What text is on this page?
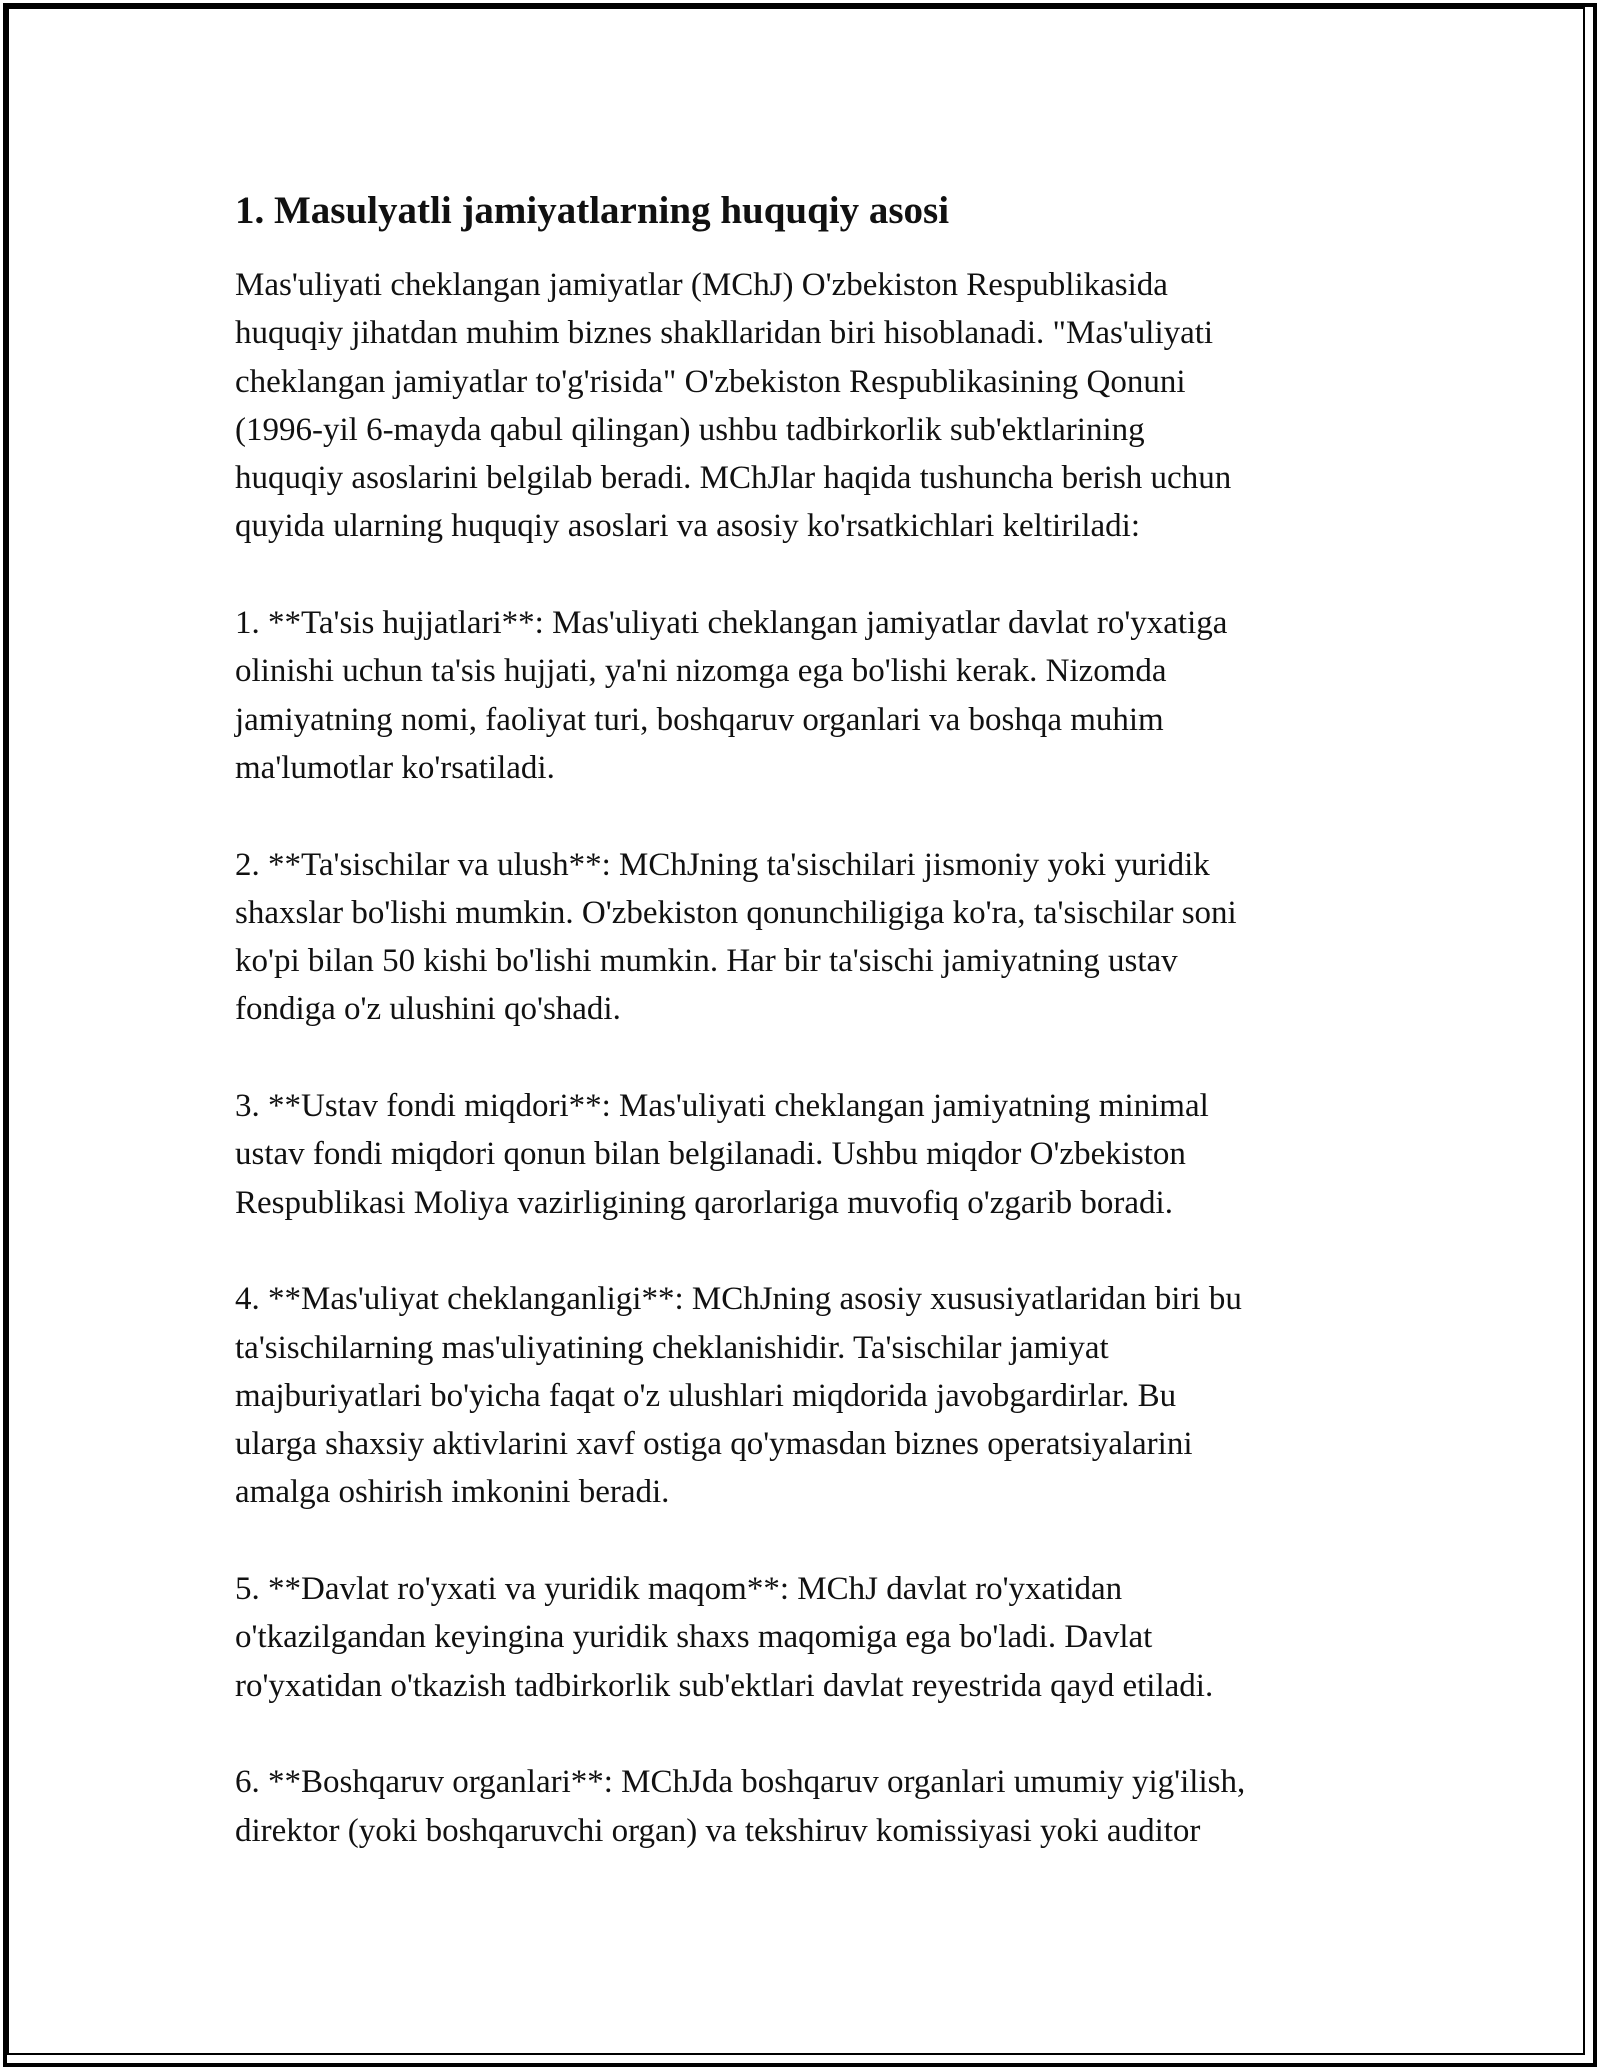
1. Masulyatli jamiyatlarning huquqiy asosi

Mas'uliyati cheklangan jamiyatlar (MChJ) O'zbekiston Respublikasida
huquqiy jihatdan muhim biznes shakllaridan biri hisoblanadi. "Mas'uliyati
cheklangan jamiyatlar to'g'risida" O'zbekiston Respublikasining Qonuni
(1996-yil 6-mayda qabul qilingan) ushbu tadbirkorlik sub'ektlarining
huquqiy asoslarini belgilab beradi. MChJlar haqida tushuncha berish uchun
quyida ularning huquqiy asoslari va asosiy ko'rsatkichlari keltiriladi:

1. **Ta'sis hujjatlari**: Mas'uliyati cheklangan jamiyatlar davlat ro'yxatiga
olinishi uchun ta'sis hujjati, ya'ni nizomga ega bo'lishi kerak. Nizomda
jamiyatning nomi, faoliyat turi, boshqaruv organlari va boshqa muhim
ma'lumotlar ko'rsatiladi.

2. **Ta'sischilar va ulush**: MChJning ta'sischilari jismoniy yoki yuridik
shaxslar bo'lishi mumkin. O'zbekiston qonunchiligiga ko'ra, ta'sischilar soni
ko'pi bilan 50 kishi bo'lishi mumkin. Har bir ta'sischi jamiyatning ustav
fondiga o'z ulushini qo'shadi.

3. **Ustav fondi miqdori**: Mas'uliyati cheklangan jamiyatning minimal
ustav fondi miqdori qonun bilan belgilanadi. Ushbu miqdor O'zbekiston
Respublikasi Moliya vazirligining qarorlariga muvofiq o'zgarib boradi.

4. **Mas'uliyat cheklanganligi**: MChJning asosiy xususiyatlaridan biri bu
ta'sischilarning mas'uliyatining cheklanishidir. Ta'sischilar jamiyat
majburiyatlari bo'yicha faqat o'z ulushlari miqdorida javobgardirlar. Bu
ularga shaxsiy aktivlarini xavf ostiga qo'ymasdan biznes operatsiyalarini
amalga oshirish imkonini beradi.

5. **Davlat ro'yxati va yuridik maqom**: MChJ davlat ro'yxatidan
o'tkazilgandan keyingina yuridik shaxs maqomiga ega bo'ladi. Davlat
ro'yxatidan o'tkazish tadbirkorlik sub'ektlari davlat reyestrida qayd etiladi.

6. **Boshqaruv organlari**: MChJda boshqaruv organlari umumiy yig'ilish,
direktor (yoki boshqaruvchi organ) va tekshiruv komissiyasi yoki auditor
